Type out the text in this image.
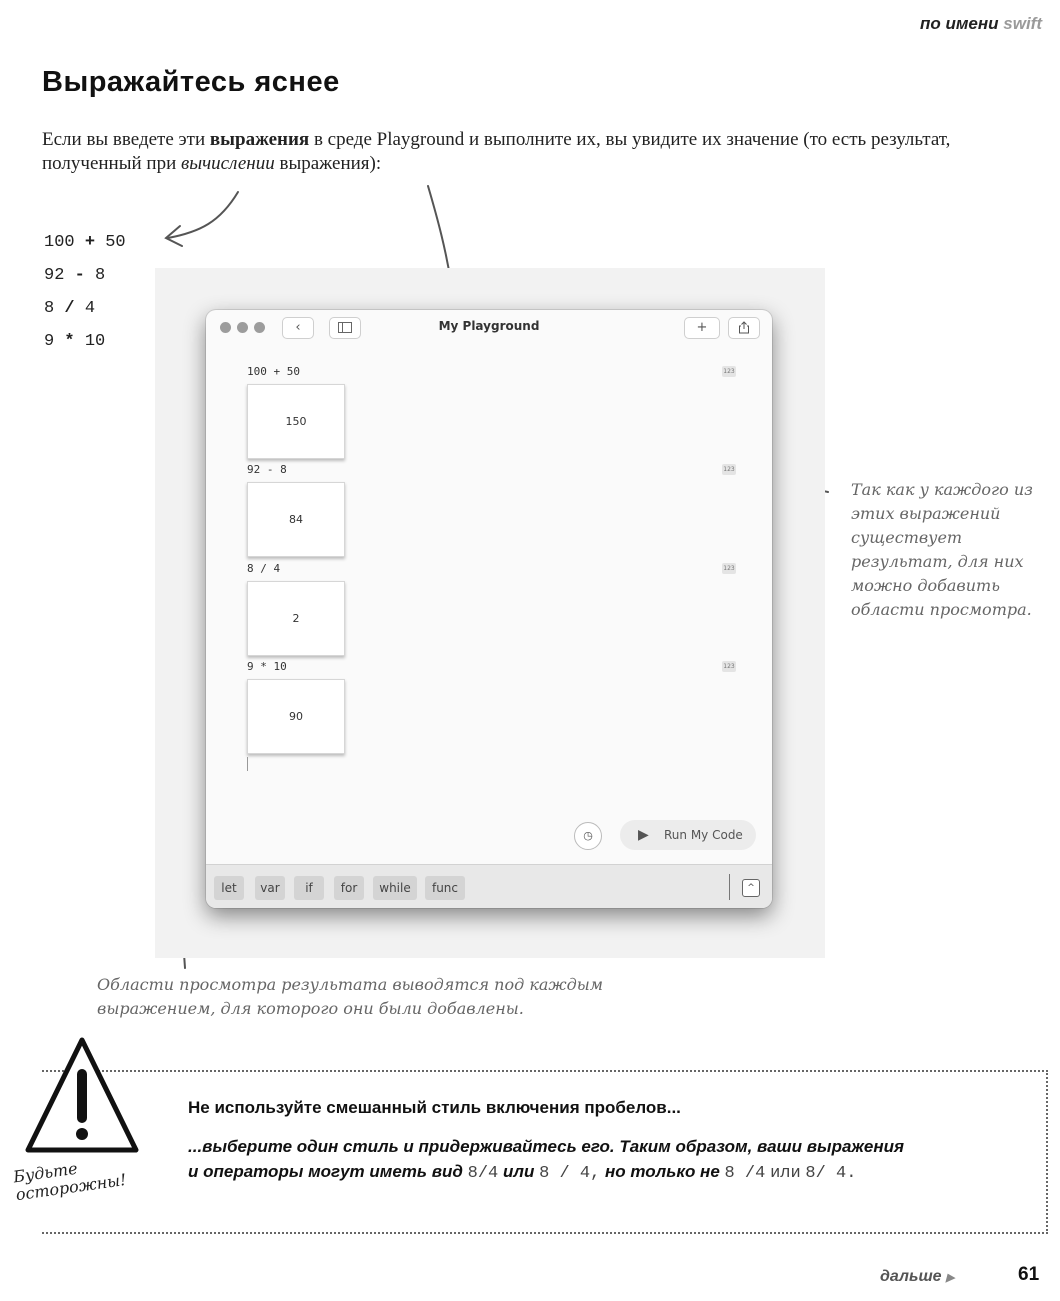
по имени swift
Выражайтесь яснее
Если вы введете эти выражения в среде Playground и выполните их, вы увидите их значение (то есть результат, полученный при вычислении выражения):
100 + 50
92 - 8
8 / 4
9 * 10
‹	My Playground	+
100 + 50
150
123
92 - 8
84
123
8 / 4
2
123
9 * 10
90
123
◷	▶ Run My Code
let	var	if	for	while	func	^
Так как у каждого из этих выражений существует результат, для них можно добавить области просмотра.
Области просмотра результата выводятся под каждым выражением, для которого они были добавлены.
Будьте осторожны!
Не используйте смешанный стиль включения пробелов...
...выберите один стиль и придерживайтесь его. Таким образом, ваши выражения
и операторы могут иметь вид 8/4 или 8 / 4, но только не 8 /4 или 8/ 4.
дальше ▶	61
